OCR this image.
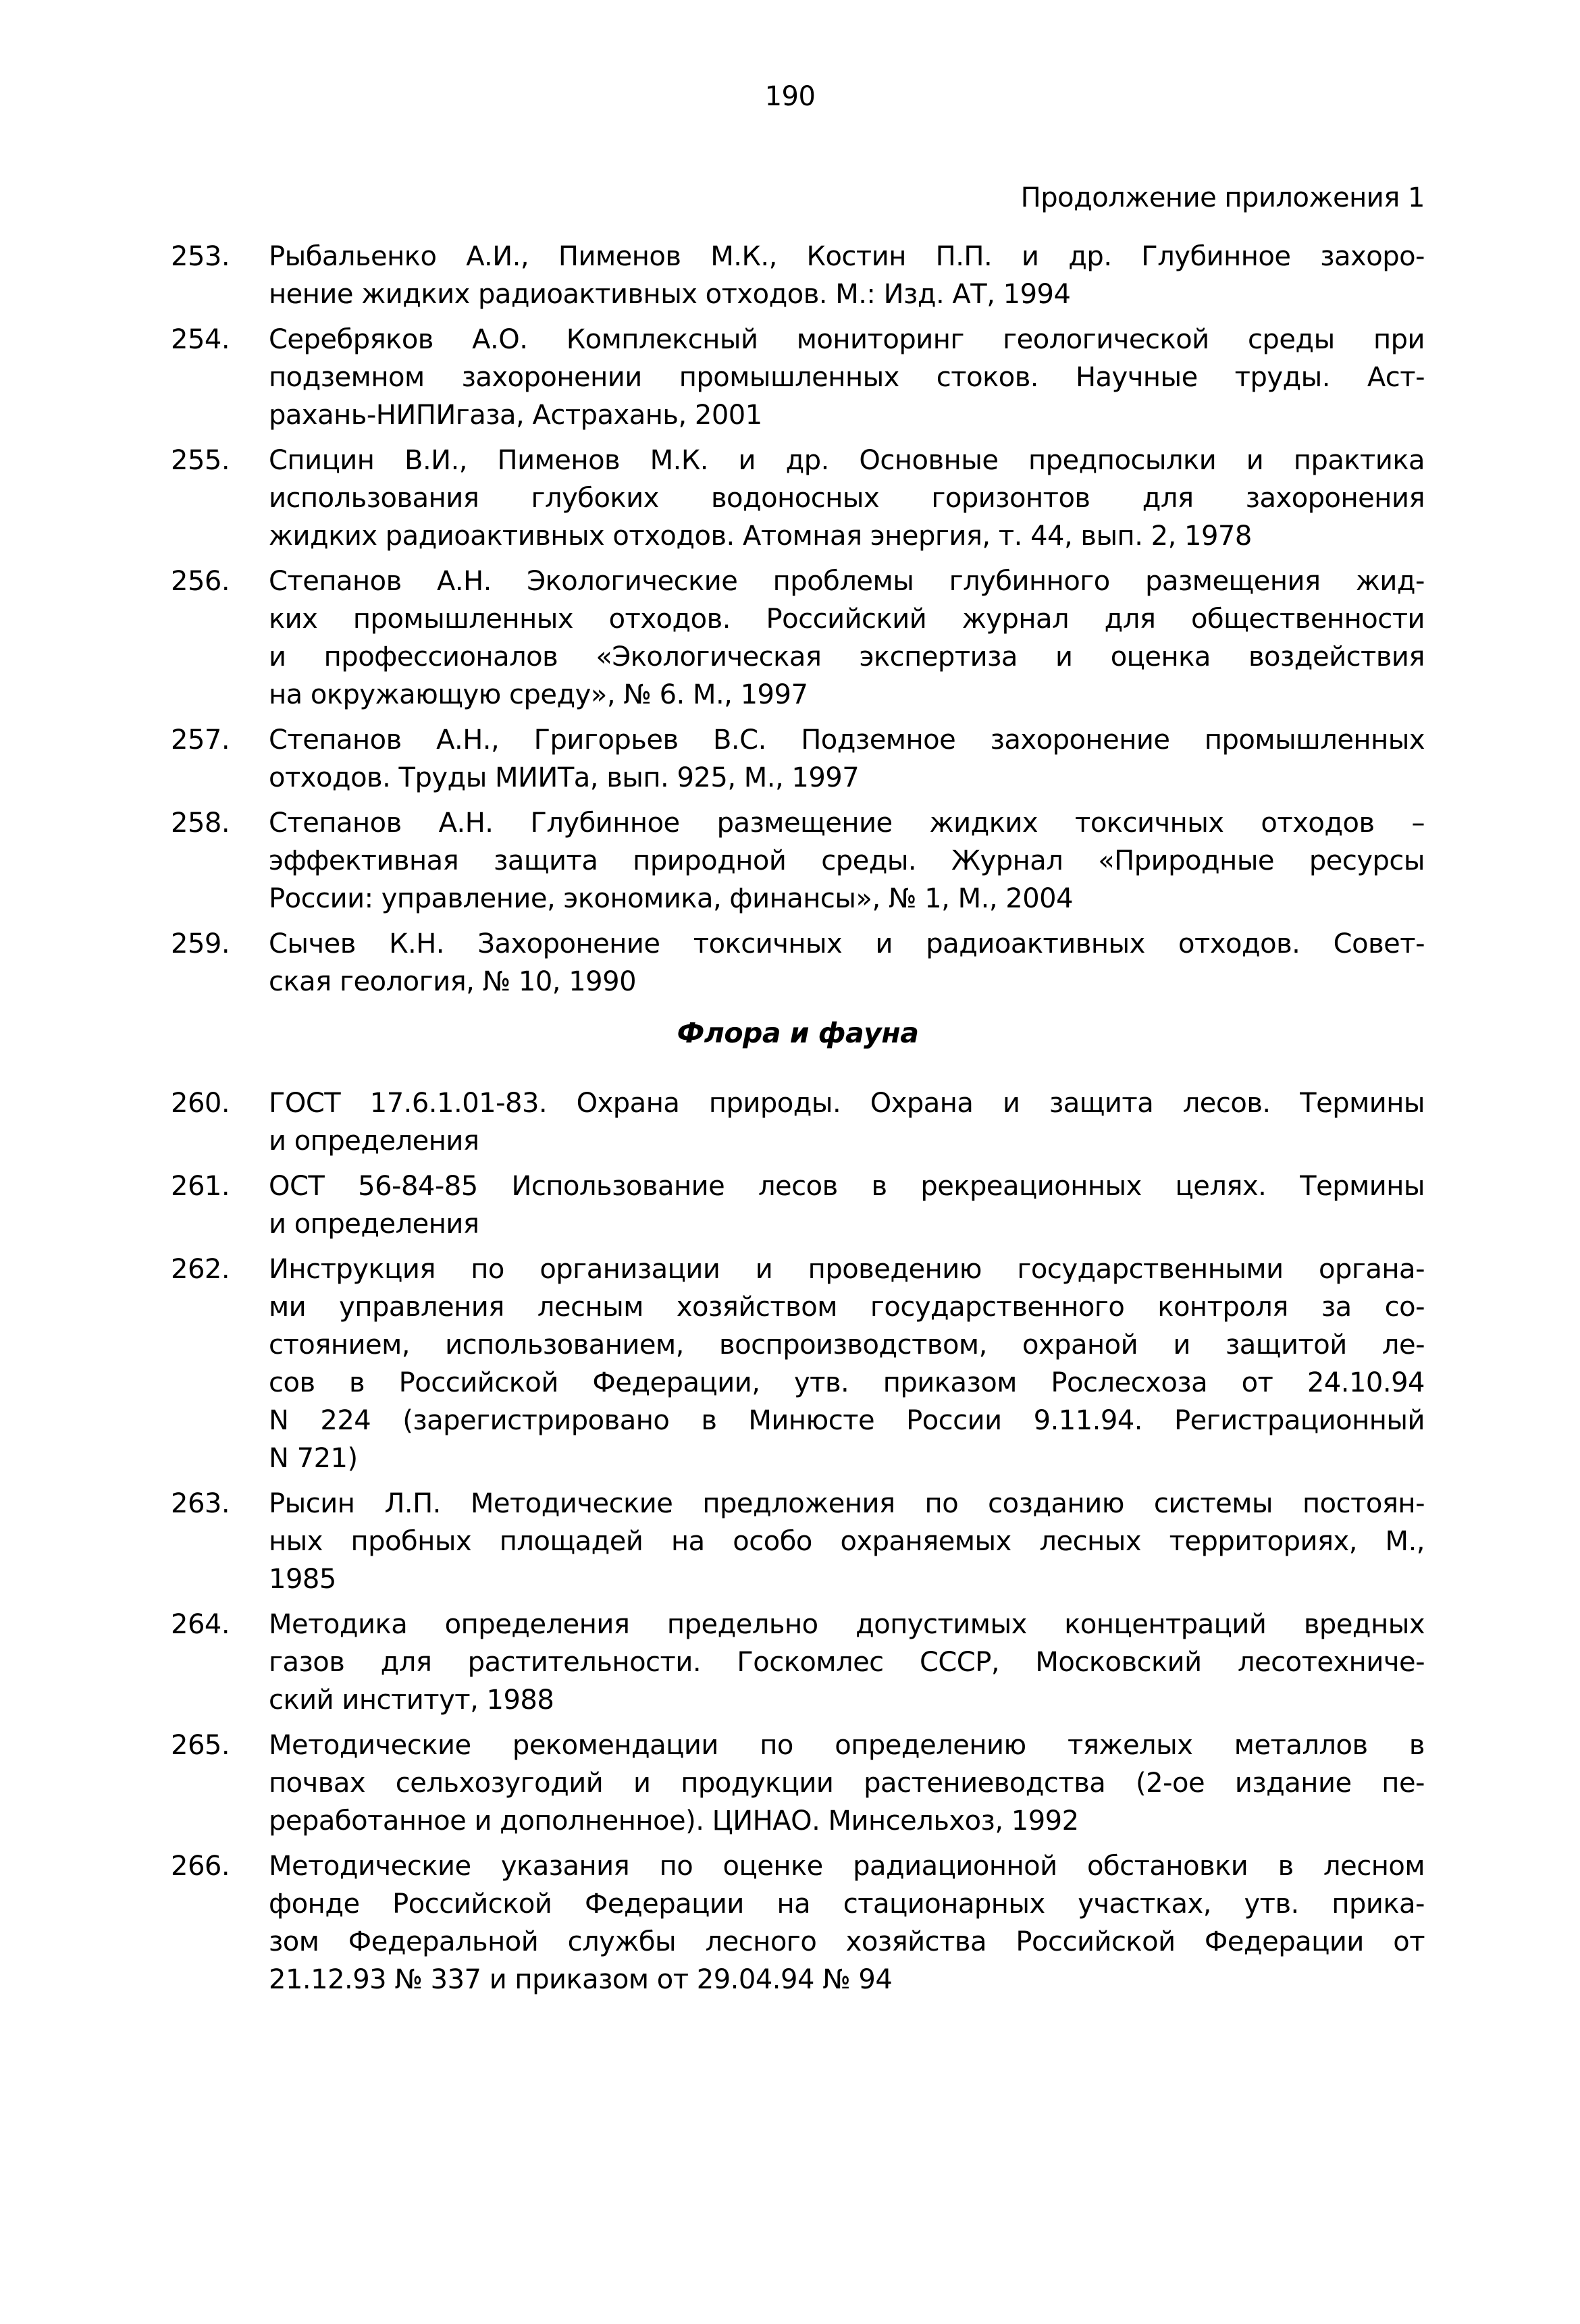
190
Продолжение приложения 1
253.	Рыбальенко А.И., Пименов М.К., Костин П.П. и др. Глубинное захоро-
нение жидких радиоактивных отходов. М.: Изд. АТ, 1994
254.	Серебряков А.О. Комплексный мониторинг геологической среды при
подземном захоронении промышленных стоков. Научные труды. Аст-
рахань-НИПИгаза, Астрахань, 2001
255.	Спицин В.И., Пименов М.К. и др. Основные предпосылки и практика
использования глубоких водоносных горизонтов для захоронения
жидких радиоактивных отходов. Атомная энергия, т. 44, вып. 2, 1978
256.	Степанов А.Н. Экологические проблемы глубинного размещения жид-
ких промышленных отходов. Российский журнал для общественности
и профессионалов «Экологическая экспертиза и оценка воздействия
на окружающую среду», № 6. М., 1997
257.	Степанов А.Н., Григорьев В.С. Подземное захоронение промышленных
отходов. Труды МИИТа, вып. 925, М., 1997
258.	Степанов А.Н. Глубинное размещение жидких токсичных отходов –
эффективная защита природной среды. Журнал «Природные ресурсы
России: управление, экономика, финансы», № 1, М., 2004
259.	Сычев К.Н. Захоронение токсичных и радиоактивных отходов. Совет-
ская геология, № 10, 1990
Флора и фауна
260.	ГОСТ 17.6.1.01-83. Охрана природы. Охрана и защита лесов. Термины
и определения
261.	ОСТ 56-84-85 Использование лесов в рекреационных целях. Термины
и определения
262.	Инструкция по организации и проведению государственными органа-
ми управления лесным хозяйством государственного контроля за со-
стоянием, использованием, воспроизводством, охраной и защитой ле-
сов в Российской Федерации, утв. приказом Рослесхоза от 24.10.94
N 224 (зарегистрировано в Минюсте России 9.11.94. Регистрационный
N 721)
263.	Рысин Л.П. Методические предложения по созданию системы постоян-
ных пробных площадей на особо охраняемых лесных территориях, М.,
1985
264.	Методика определения предельно допустимых концентраций вредных
газов для растительности. Госкомлес СССР, Московский лесотехниче-
ский институт, 1988
265.	Методические рекомендации по определению тяжелых металлов в
почвах сельхозугодий и продукции растениеводства (2-ое издание пе-
реработанное и дополненное). ЦИНАО. Минсельхоз, 1992
266.	Методические указания по оценке радиационной обстановки в лесном
фонде Российской Федерации на стационарных участках, утв. прика-
зом Федеральной службы лесного хозяйства Российской Федерации от
21.12.93 № 337 и приказом от 29.04.94 № 94
